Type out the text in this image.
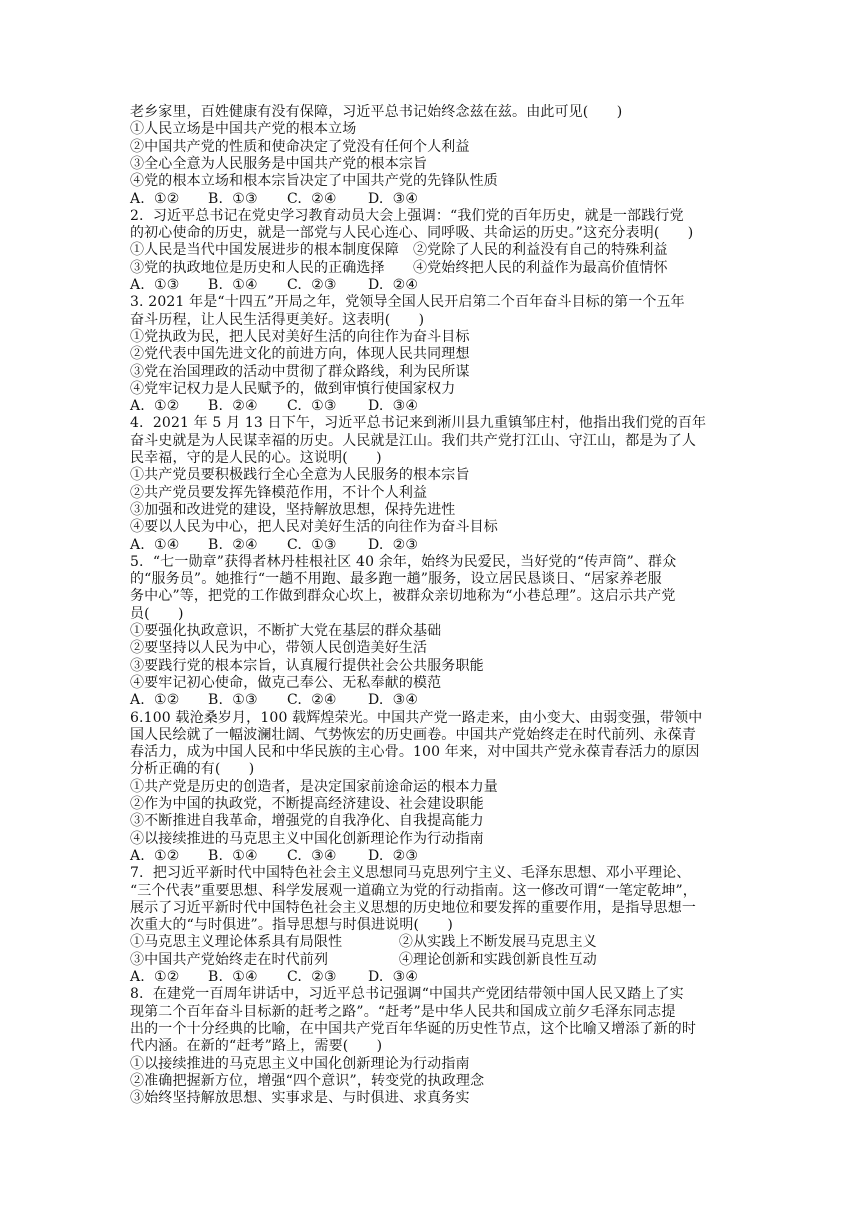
老乡家里，百姓健康有没有保障，习近平总书记始终念兹在兹。由此可见(　　)
①人民立场是中国共产党的根本立场
②中国共产党的性质和使命决定了党没有任何个人利益
③全心全意为人民服务是中国共产党的根本宗旨
④党的根本立场和根本宗旨决定了中国共产党的先锋队性质
A.  ①② B.  ①③ C.  ②④ D.  ③④
2.  习近平总书记在党史学习教育动员大会上强调：“我们党的百年历史，就是一部践行党
的初心使命的历史，就是一部党与人民心连心、同呼吸、共命运的历史。”这充分表明(　　)
①人民是当代中国发展进步的根本制度保障　②党除了人民的利益没有自己的特殊利益
③党的执政地位是历史和人民的正确选择　　④党始终把人民的利益作为最高价值情怀
A.  ①③ B.  ①④ C.  ②③ D.  ②④
3. 2021 年是“十四五”开局之年，党领导全国人民开启第二个百年奋斗目标的第一个五年
奋斗历程，让人民生活得更美好。这表明(　　)
①党执政为民，把人民对美好生活的向往作为奋斗目标
②党代表中国先进文化的前进方向，体现人民共同理想
③党在治国理政的活动中贯彻了群众路线，利为民所谋
④党牢记权力是人民赋予的，做到审慎行使国家权力
A.  ①② B.  ②④ C.  ①③ D.  ③④
4.  2021 年 5 月 13 日下午，习近平总书记来到淅川县九重镇邹庄村，他指出我们党的百年
奋斗史就是为人民谋幸福的历史。人民就是江山。我们共产党打江山、守江山，都是为了人
民幸福，守的是人民的心。这说明(　　)
①共产党员要积极践行全心全意为人民服务的根本宗旨
②共产党员要发挥先锋模范作用，不计个人利益
③加强和改进党的建设，坚持解放思想，保持先进性
④要以人民为中心，把人民对美好生活的向往作为奋斗目标
A.  ①④ B.  ②④ C.  ①③ D.  ②③
5.  “七一勋章”获得者林丹桂根社区 40 余年，始终为民爱民，当好党的“传声筒”、群众
的“服务员”。她推行“一趟不用跑、最多跑一趟”服务，设立居民恳谈日、“居家养老服
务中心”等，把党的工作做到群众心坎上，被群众亲切地称为“小巷总理”。这启示共产党
员(　　)
①要强化执政意识，不断扩大党在基层的群众基础
②要坚持以人民为中心，带领人民创造美好生活
③要践行党的根本宗旨，认真履行提供社会公共服务职能
④要牢记初心使命，做克己奉公、无私奉献的模范
A.  ①② B.  ①③ C.  ②④ D.  ③④
6.100 载沧桑岁月，100 载辉煌荣光。中国共产党一路走来，由小变大、由弱变强，带领中
国人民绘就了一幅波澜壮阔、气势恢宏的历史画卷。中国共产党始终走在时代前列、永葆青
春活力，成为中国人民和中华民族的主心骨。100 年来，对中国共产党永葆青春活力的原因
分析正确的有(　　)
①共产党是历史的创造者，是决定国家前途命运的根本力量
②作为中国的执政党，不断提高经济建设、社会建设职能
③不断推进自我革命，增强党的自我净化、自我提高能力
④以接续推进的马克思主义中国化创新理论作为行动指南
A.  ①② B.  ①④ C.  ③④ D.  ②③
7.  把习近平新时代中国特色社会主义思想同马克思列宁主义、毛泽东思想、邓小平理论、
“三个代表”重要思想、科学发展观一道确立为党的行动指南。这一修改可谓“一笔定乾坤”，
展示了习近平新时代中国特色社会主义思想的历史地位和要发挥的重要作用，是指导思想一
次重大的“与时俱进”。指导思想与时俱进说明(　　)
①马克思主义理论体系具有局限性　　　　②从实践上不断发展马克思主义
③中国共产党始终走在时代前列　　　　　④理论创新和实践创新良性互动
A.  ①② B.  ①④ C.  ②③ D.  ③④
8.  在建党一百周年讲话中，习近平总书记强调“中国共产党团结带领中国人民又踏上了实
现第二个百年奋斗目标新的赶考之路”。“赶考”是中华人民共和国成立前夕毛泽东同志提
出的一个十分经典的比喻，在中国共产党百年华诞的历史性节点，这个比喻又增添了新的时
代内涵。在新的“赶考”路上，需要(　　)
①以接续推进的马克思主义中国化创新理论为行动指南
②准确把握新方位，增强“四个意识”，转变党的执政理念
③始终坚持解放思想、实事求是、与时俱进、求真务实
